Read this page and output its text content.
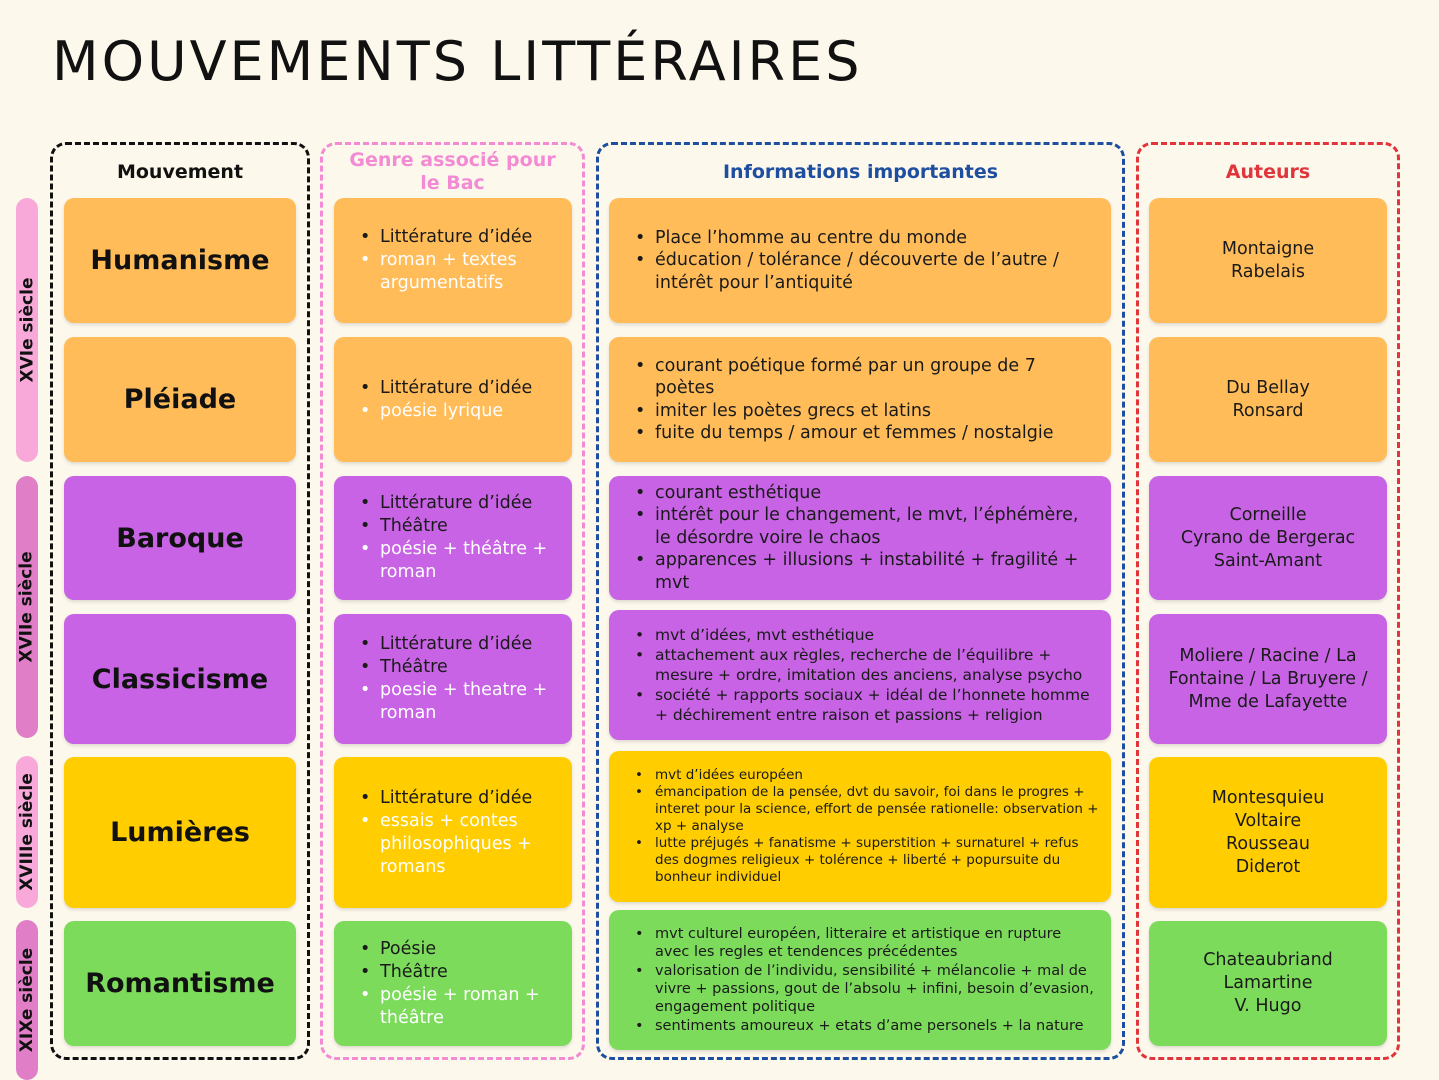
MOUVEMENTS LITTÉRAIRES
XVIe siècle
XVIIe siècle
XVIIIe siècle
XIXe siècle
Mouvement
Genre associé pour le Bac
Informations importantes	Auteurs
Humanisme
• Littérature d’idée
• roman + textes argumentatifs
• Place l’homme au centre du monde
• éducation / tolérance / découverte de l’autre / intérêt pour l’antiquité
Montaigne
Rabelais
Pléiade
•	Littérature d’idée
• poésie lyrique
• courant poétique formé par un groupe de 7 poètes
• imiter les poètes grecs et latins
• fuite du temps / amour et femmes / nostalgie
Du Bellay
Ronsard
Baroque
• Littérature d’idée
• Théâtre
• poésie + théâtre + roman
• courant esthétique
• intérêt pour le changement, le mvt, l’éphémère, le désordre voire le chaos
• apparences + illusions + instabilité + fragilité + mvt
Corneille
Cyrano de Bergerac
Saint-Amant
Classicisme
• Littérature d’idée
• Théâtre
• poesie + theatre + roman
• mvt d’idées, mvt esthétique
• attachement aux règles, recherche de l’équilibre + mesure + ordre, imitation des anciens, analyse psycho
• société + rapports sociaux + idéal de l’honnete homme + déchirement entre raison et passions + religion
Moliere / Racine / La Fontaine / La Bruyere / Mme de Lafayette
Lumières
• Littérature d’idée
• essais + contes philosophiques + romans
• mvt d’idées européen
• émancipation de la pensée, dvt du savoir, foi dans le progres + interet pour la science, effort de pensée rationelle: observation + xp + analyse
• lutte préjugés + fanatisme + superstition + surnaturel + refus des dogmes religieux + tolérence + liberté + popursuite du bonheur individuel
Montesquieu
Voltaire
Rousseau
Diderot
Romantisme
• Poésie
• Théâtre
• poésie + roman + théâtre
• mvt culturel européen, litteraire et artistique en rupture avec les regles et tendences précédentes
• valorisation de l’individu, sensibilité + mélancolie + mal de vivre + passions, gout de l’absolu + infini, besoin d’evasion, engagement politique
• sentiments amoureux + etats d’ame personels + la nature
Chateaubriand
Lamartine
V. Hugo
